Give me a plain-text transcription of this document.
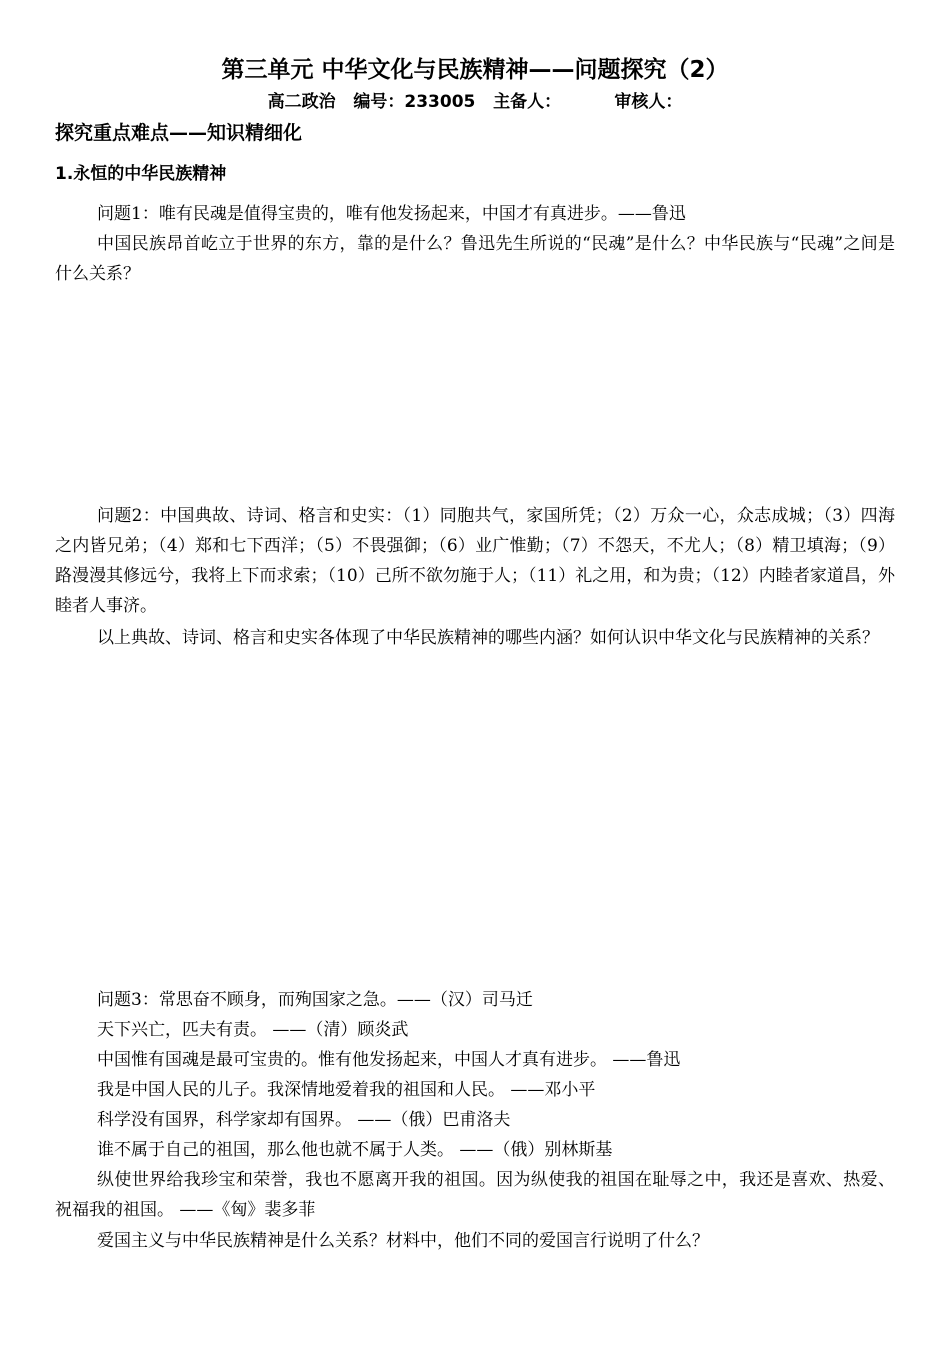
第三单元 中华文化与民族精神——问题探究（2）
高二政治   编号：233005   主备人：         审核人：
探究重点难点——知识精细化
1.永恒的中华民族精神
问题1：唯有民魂是值得宝贵的，唯有他发扬起来，中国才有真进步。——鲁迅

中国民族昂首屹立于世界的东方，靠的是什么？鲁迅先生所说的“民魂”是什么？中华民族与“民魂”之间是什么关系？

问题2：中国典故、诗词、格言和史实：（1）同胞共气，家国所凭；（2）万众一心，众志成城；（3）四海之内皆兄弟；（4）郑和七下西洋；（5）不畏强御；（6）业广惟勤；（7）不怨天，不尤人；（8）精卫填海；（9）路漫漫其修远兮，我将上下而求索；（10）己所不欲勿施于人；（11）礼之用，和为贵；（12）内睦者家道昌，外睦者人事济。

以上典故、诗词、格言和史实各体现了中华民族精神的哪些内涵？如何认识中华文化与民族精神的关系？

问题3：常思奋不顾身，而殉国家之急。——（汉）司马迁
天下兴亡，匹夫有责。 ——（清）顾炎武
中国惟有国魂是最可宝贵的。惟有他发扬起来，中国人才真有进步。 ——鲁迅
我是中国人民的儿子。我深情地爱着我的祖国和人民。 ——邓小平
科学没有国界，科学家却有国界。 ——（俄）巴甫洛夫
谁不属于自己的祖国，那么他也就不属于人类。 ——（俄）别林斯基

纵使世界给我珍宝和荣誉，我也不愿离开我的祖国。因为纵使我的祖国在耻辱之中，我还是喜欢、热爱、祝福我的祖国。 ——《匈》裴多菲

爱国主义与中华民族精神是什么关系？材料中，他们不同的爱国言行说明了什么？
